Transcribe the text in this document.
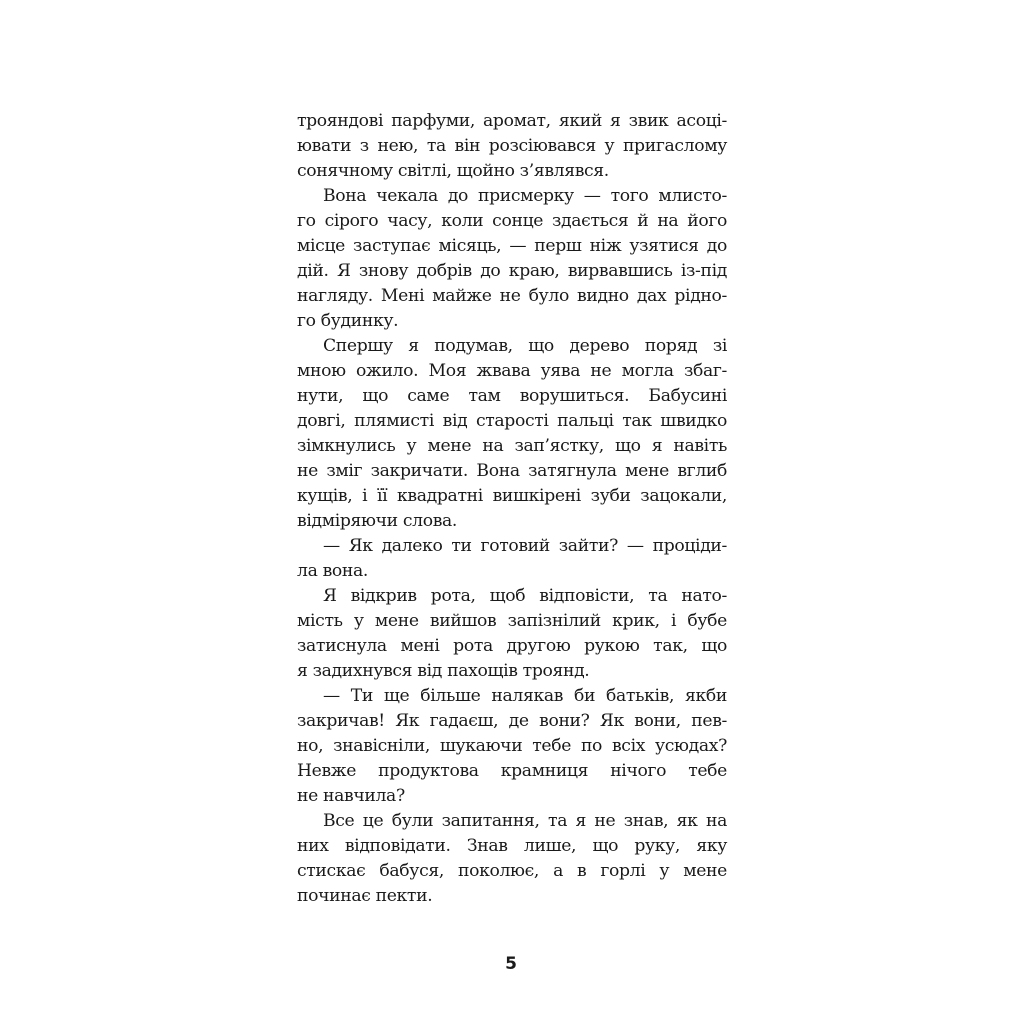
трояндові парфуми, аромат, який я звик асоці-
ювати з нею, та він розсіювався у пригаслому
сонячному світлі, щойно з’являвся.
Вона чекала до присмерку — того млисто-
го сірого часу, коли сонце здається й на його
місце заступає місяць, — перш ніж узятися до
дій. Я знову добрів до краю, вирвавшись із-під
нагляду. Мені майже не було видно дах рідно-
го будинку.
Спершу я подумав, що дерево поряд зі
мною ожило. Моя жвава уява не могла збаг-
нути, що саме там ворушиться. Бабусині
довгі, плямисті від старості пальці так швидко
зімкнулись у мене на зап’ястку, що я навіть
не зміг закричати. Вона затягнула мене вглиб
кущів, і її квадратні вишкірені зуби зацокали,
відміряючи слова.
— Як далеко ти готовий зайти? — проціди-
ла вона.
Я відкрив рота, щоб відповісти, та нато-
мість у мене вийшов запізнілий крик, і бубе
затиснула мені рота другою рукою так, що
я задихнувся від пахощів троянд.
— Ти ще більше налякав би батьків, якби
закричав! Як гадаєш, де вони? Як вони, пев-
но, знавісніли, шукаючи тебе по всіх усюдах?
Невже продуктова крамниця нічого тебе
не навчила?
Все це були запитання, та я не знав, як на
них відповідати. Знав лише, що руку, яку
стискає бабуся, поколює, а в горлі у мене
починає пекти.
5
